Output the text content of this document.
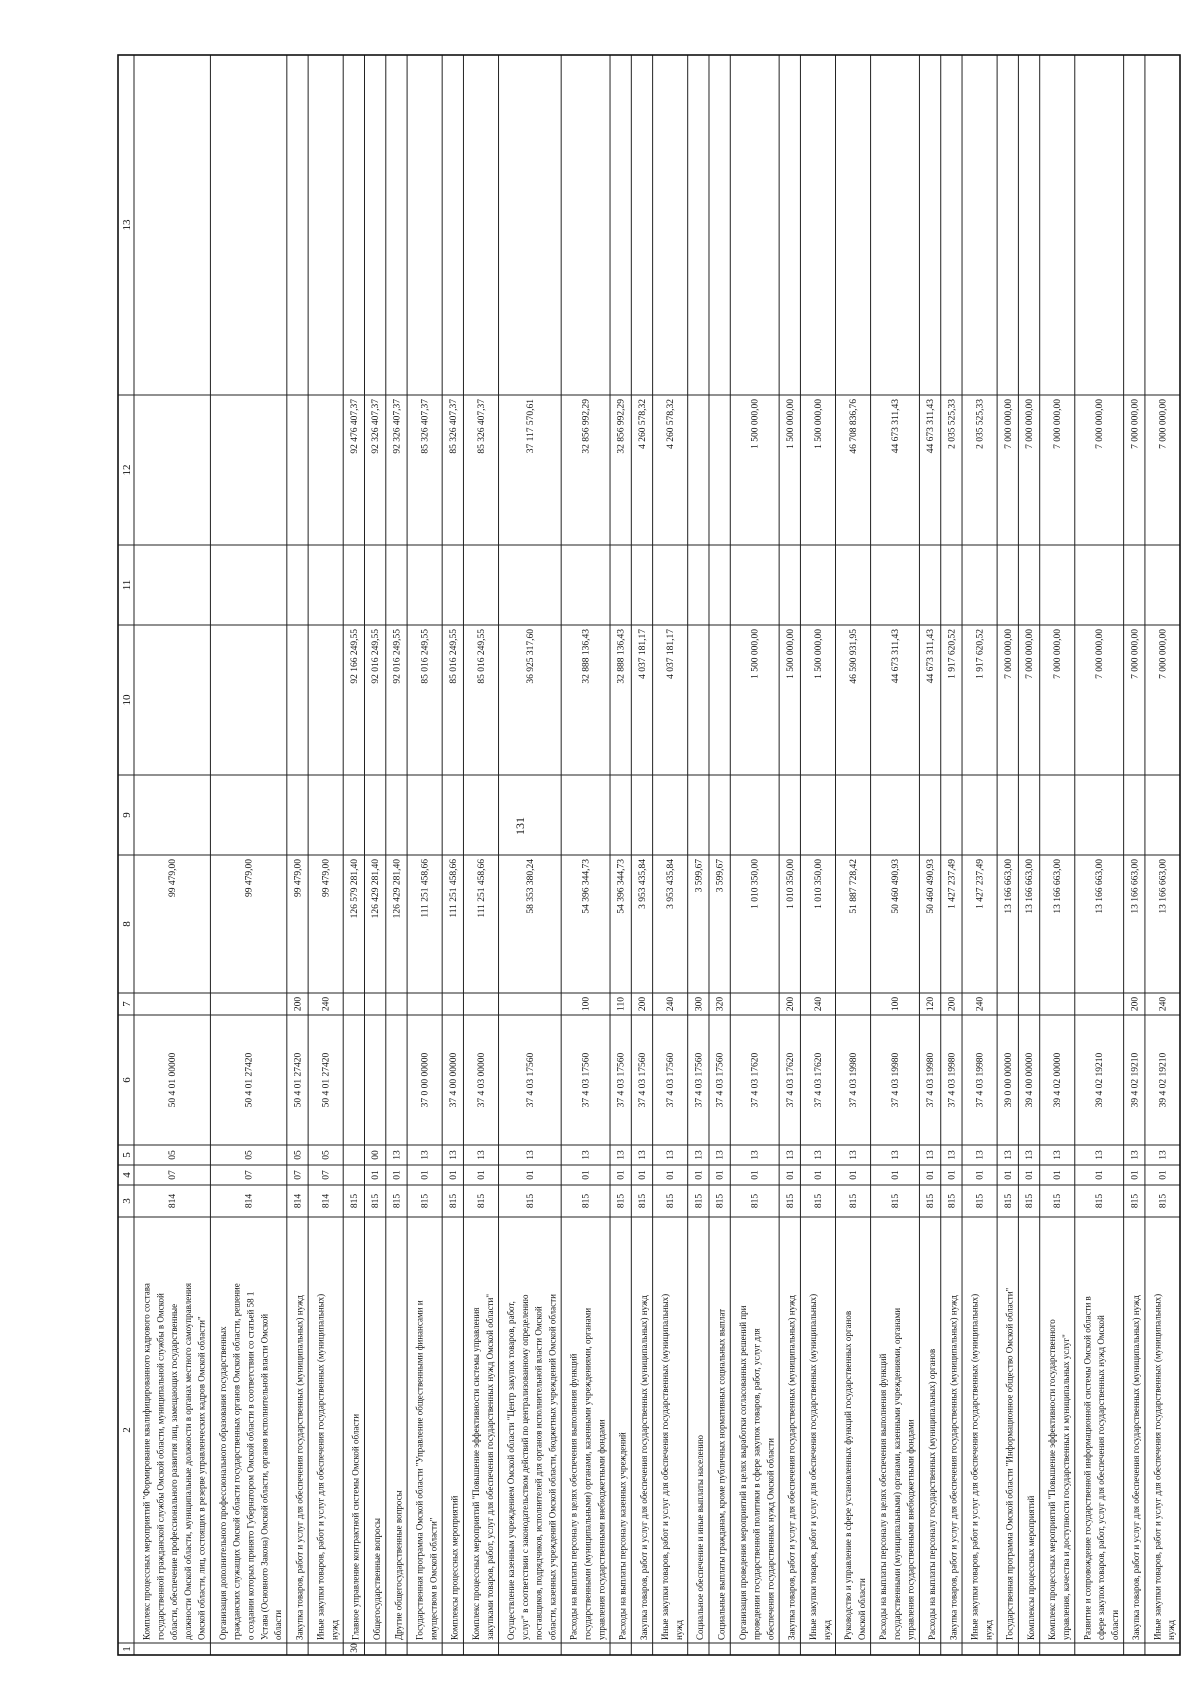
1
2
3
4
5
6
7
8
9
10
11
12
13
Комплекс процессных мероприятий "Формирование квалифицированного кадрового состава государственной гражданской службы Омской области, муниципальной службы в Омской области, обеспечение профессионального развития лиц, замещающих государственные должности Омской области, муниципальные должности в органах местного самоуправления Омской области, лиц, состоящих в резерве управленческих кадров Омской области"
814
07
05
50 4 01 00000
99 479,00
Организация дополнительного профессионального образования государственных гражданских служащих Омской области государственных органов Омской области, решение о создании которых принято Губернатором Омской области в соответствии со статьей 58 1 Устава (Основного Закона) Омской области, органов исполнительной власти Омской области
814
07
05
50 4 01 27420
99 479,00
Закупка товаров, работ и услуг для обеспечения государственных (муниципальных) нужд
814
07
05
50 4 01 27420
200
99 479,00
Иные закупки товаров, работ и услуг для обеспечения государственных (муниципальных) нужд
814
07
05
50 4 01 27420
240
99 479,00
30
Главное управление контрактной системы Омской области
815
126 579 281,40
92 166 249,55
92 476 407,37
Общегосударственные вопросы
815
01
00
126 429 281,40
92 016 249,55
92 326 407,37
Другие общегосударственные вопросы
815
01
13
126 429 281,40
92 016 249,55
92 326 407,37
Государственная программа Омской области "Управление общественными финансами и имуществом в Омской области"
815
01
13
37 0 00 00000
111 251 458,66
85 016 249,55
85 326 407,37
Комплексы процессных мероприятий
815
01
13
37 4 00 00000
111 251 458,66
85 016 249,55
85 326 407,37
Комплекс процессных мероприятий "Повышение эффективности системы управления закупками товаров, работ, услуг для обеспечения государственных нужд Омской области"
815
01
13
37 4 03 00000
111 251 458,66
85 016 249,55
85 326 407,37
Осуществление казенным учреждением Омской области "Центр закупок товаров, работ, услуг" в соответствии с законодательством действий по централизованному определению поставщиков, подрядчиков, исполнителей для органов исполнительной власти Омской области, казенных учреждений Омской области, бюджетных учреждений Омской области
815
01
13
37 4 03 17560
58 353 380,24
36 925 317,60
37 117 570,61
Расходы на выплаты персоналу в целях обеспечения выполнения функций государственными (муниципальными) органами, казенными учреждениями, органами управления государственными внебюджетными фондами
815
01
13
37 4 03 17560
100
54 396 344,73
32 888 136,43
32 856 992,29
Расходы на выплаты персоналу казенных учреждений
815
01
13
37 4 03 17560
110
54 396 344,73
32 888 136,43
32 856 992,29
Закупка товаров, работ и услуг для обеспечения государственных (муниципальных) нужд
815
01
13
37 4 03 17560
200
3 953 435,84
4 037 181,17
4 260 578,32
Иные закупки товаров, работ и услуг для обеспечения государственных (муниципальных) нужд
815
01
13
37 4 03 17560
240
3 953 435,84
4 037 181,17
4 260 578,32
Социальное обеспечение и иные выплаты населению
815
01
13
37 4 03 17560
300
3 599,67
Социальные выплаты гражданам, кроме публичных нормативных социальных выплат
815
01
13
37 4 03 17560
320
3 599,67
Организация проведения мероприятий в целях выработки согласованных решений при проведении государственной политики в сфере закупок товаров, работ, услуг для обеспечения государственных нужд Омской области
815
01
13
37 4 03 17620
1 010 350,00
1 500 000,00
1 500 000,00
Закупка товаров, работ и услуг для обеспечения государственных (муниципальных) нужд
815
01
13
37 4 03 17620
200
1 010 350,00
1 500 000,00
1 500 000,00
Иные закупки товаров, работ и услуг для обеспечения государственных (муниципальных) нужд
815
01
13
37 4 03 17620
240
1 010 350,00
1 500 000,00
1 500 000,00
Руководство и управление в сфере установленных функций государственных органов Омской области
815
01
13
37 4 03 19980
51 887 728,42
46 590 931,95
46 708 836,76
Расходы на выплаты персоналу в целях обеспечения выполнения функций государственными (муниципальными) органами, казенными учреждениями, органами управления государственными внебюджетными фондами
815
01
13
37 4 03 19980
100
50 460 490,93
44 673 311,43
44 673 311,43
Расходы на выплаты персоналу государственных (муниципальных) органов
815
01
13
37 4 03 19980
120
50 460 490,93
44 673 311,43
44 673 311,43
Закупка товаров, работ и услуг для обеспечения государственных (муниципальных) нужд
815
01
13
37 4 03 19980
200
1 427 237,49
1 917 620,52
2 035 525,33
Иные закупки товаров, работ и услуг для обеспечения государственных (муниципальных) нужд
815
01
13
37 4 03 19980
240
1 427 237,49
1 917 620,52
2 035 525,33
Государственная программа Омской области "Информационное общество Омской области"
815
01
13
39 0 00 00000
13 166 663,00
7 000 000,00
7 000 000,00
Комплексы процессных мероприятий
815
01
13
39 4 00 00000
13 166 663,00
7 000 000,00
7 000 000,00
Комплекс процессных мероприятий "Повышение эффективности государственного управления, качества и доступности государственных и муниципальных услуг"
815
01
13
39 4 02 00000
13 166 663,00
7 000 000,00
7 000 000,00
Развитие и сопровождение государственной информационной системы Омской области в сфере закупок товаров, работ, услуг для обеспечения государственных нужд Омской области
815
01
13
39 4 02 19210
13 166 663,00
7 000 000,00
7 000 000,00
Закупка товаров, работ и услуг для обеспечения государственных (муниципальных) нужд
815
01
13
39 4 02 19210
200
13 166 663,00
7 000 000,00
7 000 000,00
Иные закупки товаров, работ и услуг для обеспечения государственных (муниципальных) нужд
815
01
13
39 4 02 19210
240
13 166 663,00
7 000 000,00
7 000 000,00
131
